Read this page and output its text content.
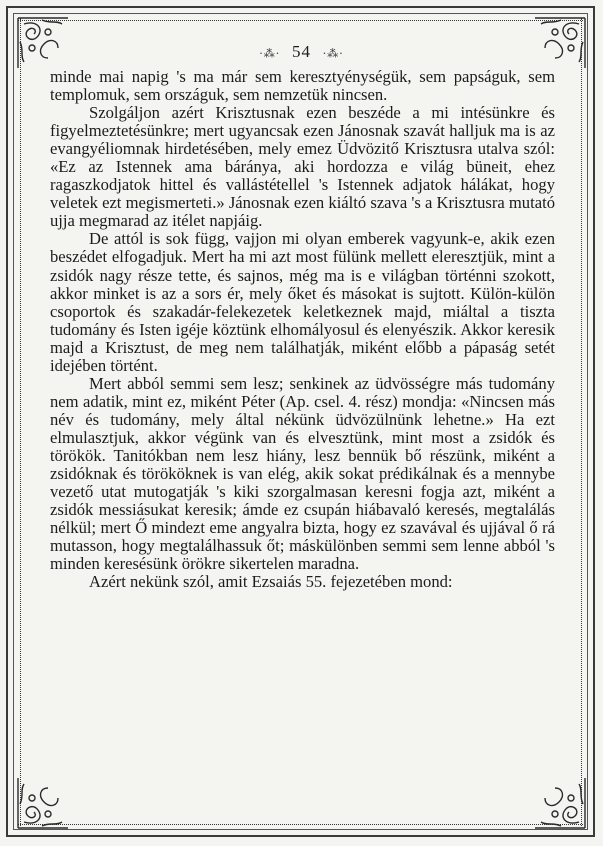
·⁂· 54 ·⁂·

minde mai napig 's ma már sem keresztyénységük, sem papságuk, sem templomuk, sem országuk, sem nemzetük nincsen.

Szolgáljon azért Krisztusnak ezen beszéde a mi intésünkre és figyelmeztetésünkre; mert ugyancsak ezen Jánosnak szavát halljuk ma is az evangyéliomnak hirdetésében, mely emez Üdvözitő Krisztusra utalva szól: «Ez az Istennek ama báránya, aki hordozza e világ büneit, ehez ragaszkodjatok hittel és vallástétellel 's Istennek adjatok hálákat, hogy veletek ezt megismerteti.» Jánosnak ezen kiáltó szava 's a Krisztusra mutató ujja megmarad az itélet napjáig.

De attól is sok függ, vajjon mi olyan emberek vagyunk-e, akik ezen beszédet elfogadjuk. Mert ha mi azt most fülünk mellett eleresztjük, mint a zsidók nagy része tette, és sajnos, még ma is e világban történni szokott, akkor minket is az a sors ér, mely őket és másokat is sujtott. Külön-külön csoportok és szakadár-felekezetek keletkeznek majd, miáltal a tiszta tudomány és Isten igéje köztünk elhomályosul és elenyészik. Akkor keresik majd a Krisztust, de meg nem találhatják, miként előbb a pápaság setét idejében történt.

Mert abból semmi sem lesz; senkinek az üdvösségre más tudomány nem adatik, mint ez, miként Péter (Ap. csel. 4. rész) mondja: «Nincsen más név és tudomány, mely által nékünk üdvözülnünk lehetne.» Ha ezt elmulasztjuk, akkor végünk van és elvesztünk, mint most a zsidók és törökök. Tanitókban nem lesz hiány, lesz bennük bő részünk, miként a zsidóknak és törököknek is van elég, akik sokat prédikálnak és a mennybe vezető utat mutogatják 's kiki szorgalmasan keresni fogja azt, miként a zsidók messiásukat keresik; ámde ez csupán hiábavaló keresés, megtalálás nélkül; mert Ő mindezt eme angyalra bizta, hogy ez szavával és ujjával ő rá mutasson, hogy megtalálhassuk őt; máskülönben semmi sem lenne abból 's minden keresésünk örökre sikertelen maradna.

Azért nekünk szól, amit Ezsaiás 55. fejezetében mond:
